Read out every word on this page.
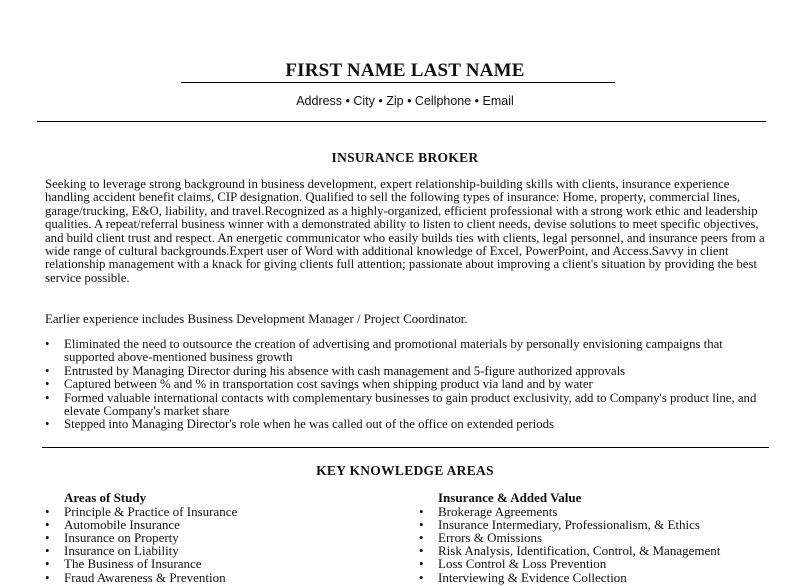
FIRST NAME LAST NAME
Address • City • Zip • Cellphone • Email
INSURANCE BROKER

Seeking to leverage strong background in business development, expert relationship-building skills with clients, insurance experience handling accident benefit claims, CIP designation. Qualified to sell the following types of insurance: Home, property, commercial lines, garage/trucking, E&O, liability, and travel.Recognized as a highly-organized, efficient professional with a strong work ethic and leadership qualities. A repeat/referral business winner with a demonstrated ability to listen to client needs, devise solutions to meet specific objectives, and build client trust and respect. An energetic communicator who easily builds ties with clients, legal personnel, and insurance peers from a wide range of cultural backgrounds.Expert user of Word with additional knowledge of Excel, PowerPoint, and Access.Savvy in client relationship management with a knack for giving clients full attention; passionate about improving a client's situation by providing the best service possible.

Earlier experience includes Business Development Manager / Project Coordinator.

• Eliminated the need to outsource the creation of advertising and promotional materials by personally envisioning campaigns that supported above-mentioned business growth
• Entrusted by Managing Director during his absence with cash management and 5-figure authorized approvals
• Captured between % and % in transportation cost savings when shipping product via land and by water
• Formed valuable international contacts with complementary businesses to gain product exclusivity, add to Company's product line, and elevate Company's market share
• Stepped into Managing Director's role when he was called out of the office on extended periods
KEY KNOWLEDGE AREAS
Areas of Study
• Principle & Practice of Insurance
• Automobile Insurance
• Insurance on Property
• Insurance on Liability
• The Business of Insurance
• Fraud Awareness & Prevention
Insurance & Added Value
• Brokerage Agreements
• Insurance Intermediary, Professionalism, & Ethics
• Errors & Omissions
• Risk Analysis, Identification, Control, & Management
• Loss Control & Loss Prevention
• Interviewing & Evidence Collection
